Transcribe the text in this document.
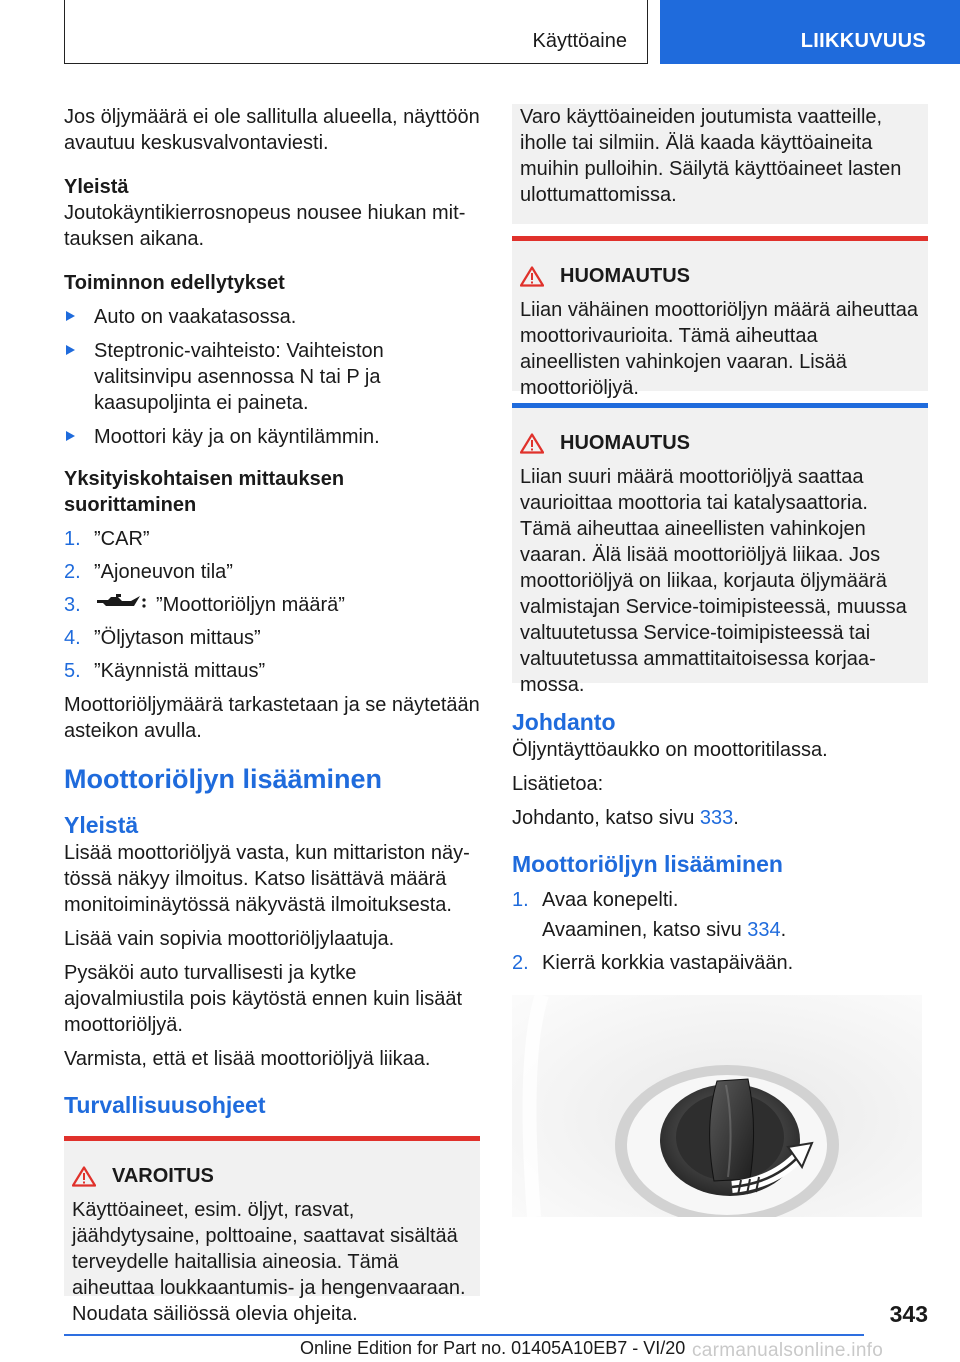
Käyttöaine	LIIKKUVUUS

Jos öljymäärä ei ole sallitulla alueella, näyttöön avautuu keskusvalvontaviesti.

Yleistä

Joutokäyntikierrosnopeus nousee hiukan mittauksen aikana.

Toiminnon edellytykset

Auto on vaakatasossa.
Steptronic-vaihteisto: Vaihteiston valitsinvipu asennossa N tai P ja kaasupoljinta ei paineta.
Moottori käy ja on käyntilämmin.

Yksityiskohtaisen mittauksen suorittaminen

1. ”CAR”
2. ”Ajoneuvon tila”
3.	”Moottoriöljyn määrä”
4. ”Öljytason mittaus”
5. ”Käynnistä mittaus”

Moottoriöljymäärä tarkastetaan ja se näytetään asteikon avulla.

Moottoriöljyn lisääminen

Yleistä

Lisää moottoriöljyä vasta, kun mittariston näytössä näkyy ilmoitus. Katso lisättävä määrä monitoiminäytössä näkyvästä ilmoituksesta.

Lisää vain sopivia moottoriöljylaatuja.

Pysäköi auto turvallisesti ja kytke ajovalmiustila pois käytöstä ennen kuin lisäät moottoriöljyä.

Varmista, että et lisää moottoriöljyä liikaa.

Turvallisuusohjeet

VAROITUS

Käyttöaineet, esim. öljyt, rasvat, jäähdytysaine, polttoaine, saattavat sisältää terveydelle haitallisia aineosia. Tämä aiheuttaa loukkaantumis- ja hengenvaaraan. Noudata säiliössä olevia ohjeita.

Varo käyttöaineiden joutumista vaatteille, iholle tai silmiin. Älä kaada käyttöaineita muihin pulloihin. Säilytä käyttöaineet lasten ulottumattomissa.

HUOMAUTUS

Liian vähäinen moottoriöljyn määrä aiheuttaa moottorivaurioita. Tämä aiheuttaa aineellisten vahinkojen vaaran. Lisää moottoriöljyä.

HUOMAUTUS

Liian suuri määrä moottoriöljyä saattaa vaurioittaa moottoria tai katalysaattoria. Tämä aiheuttaa aineellisten vahinkojen vaaran. Älä lisää moottoriöljyä liikaa. Jos moottoriöljyä on liikaa, korjauta öljymäärä valmistajan Service-toimipisteessä, muussa valtuutetussa Service-toimipisteessä tai valtuutetussa ammattitaitoisessa korjaamossa.

Johdanto

Öljyntäyttöaukko on moottoritilassa.

Lisätietoa:

Johdanto, katso sivu 333.

Moottoriöljyn lisääminen

1. Avaa konepelti.
Avaaminen, katso sivu 334.
2. Kierrä korkkia vastapäivään.
343
Online Edition for Part no. 01405A10EB7 - VI/20 carmanualsonline.info
